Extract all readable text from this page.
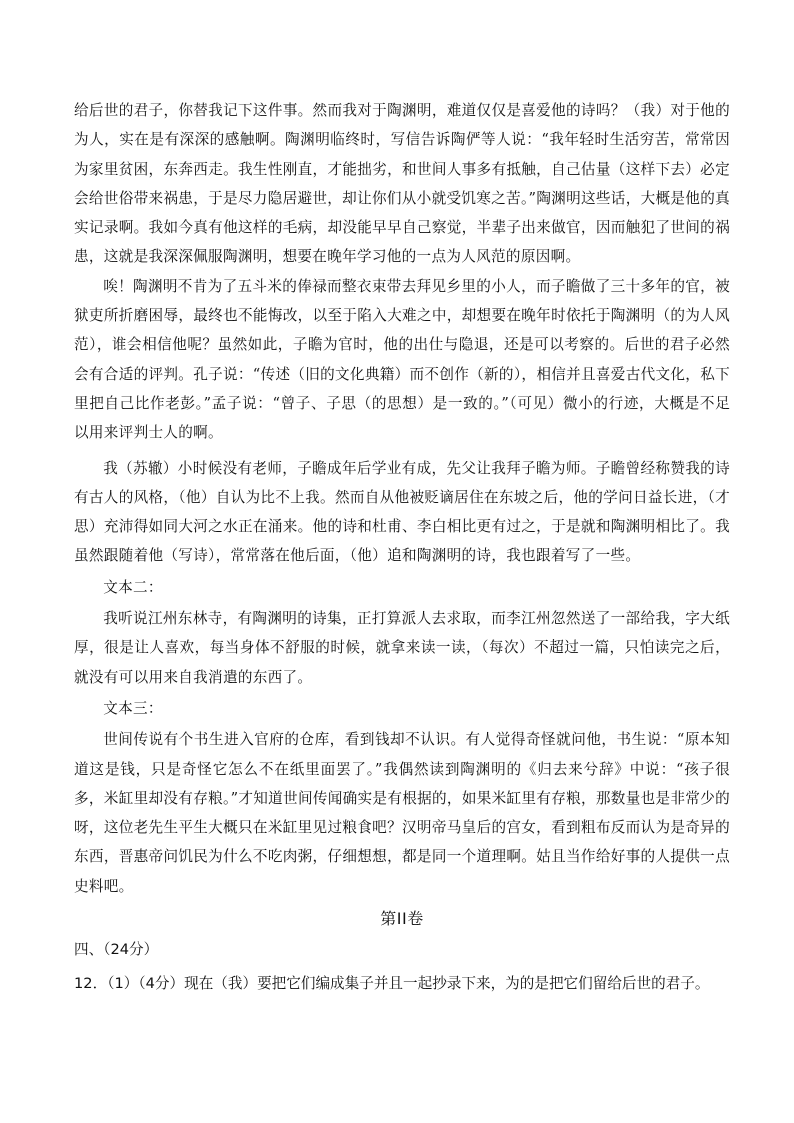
给后世的君子，你替我记下这件事。然而我对于陶渊明，难道仅仅是喜爱他的诗吗？（我）对于他的为人，实在是有深深的感触啊。陶渊明临终时，写信告诉陶俨等人说：“我年轻时生活穷苦，常常因为家里贫困，东奔西走。我生性刚直，才能拙劣，和世间人事多有抵触，自己估量（这样下去）必定会给世俗带来祸患，于是尽力隐居避世，却让你们从小就受饥寒之苦。”陶渊明这些话，大概是他的真实记录啊。我如今真有他这样的毛病，却没能早早自己察觉，半辈子出来做官，因而触犯了世间的祸患，这就是我深深佩服陶渊明，想要在晚年学习他的一点为人风范的原因啊。

唉！陶渊明不肯为了五斗米的俸禄而整衣束带去拜见乡里的小人，而子瞻做了三十多年的官，被狱吏所折磨困辱，最终也不能悔改，以至于陷入大难之中，却想要在晚年时依托于陶渊明（的为人风范），谁会相信他呢？虽然如此，子瞻为官时，他的出仕与隐退，还是可以考察的。后世的君子必然会有合适的评判。孔子说：“传述（旧的文化典籍）而不创作（新的），相信并且喜爱古代文化，私下里把自己比作老彭。”孟子说：“曾子、子思（的思想）是一致的。”（可见）微小的行迹，大概是不足以用来评判士人的啊。

我（苏辙）小时候没有老师，子瞻成年后学业有成，先父让我拜子瞻为师。子瞻曾经称赞我的诗有古人的风格，（他）自认为比不上我。然而自从他被贬谪居住在东坡之后，他的学问日益长进，（才思）充沛得如同大河之水正在涌来。他的诗和杜甫、李白相比更有过之，于是就和陶渊明相比了。我虽然跟随着他（写诗），常常落在他后面，（他）追和陶渊明的诗，我也跟着写了一些。

文本二：

我听说江州东林寺，有陶渊明的诗集，正打算派人去求取，而李江州忽然送了一部给我，字大纸厚，很是让人喜欢，每当身体不舒服的时候，就拿来读一读，（每次）不超过一篇，只怕读完之后，就没有可以用来自我消遣的东西了。

文本三：

世间传说有个书生进入官府的仓库，看到钱却不认识。有人觉得奇怪就问他，书生说：“原本知道这是钱，只是奇怪它怎么不在纸里面罢了。”我偶然读到陶渊明的《归去来兮辞》中说：“孩子很多，米缸里却没有存粮。”才知道世间传闻确实是有根据的，如果米缸里有存粮，那数量也是非常少的呀，这位老先生平生大概只在米缸里见过粮食吧？汉明帝马皇后的宫女，看到粗布反而认为是奇异的东西，晋惠帝问饥民为什么不吃肉粥，仔细想想，都是同一个道理啊。姑且当作给好事的人提供一点史料吧。

第II卷

四、（24分）

12．（1）（4分）现在（我）要把它们编成集子并且一起抄录下来，为的是把它们留给后世的君子。
